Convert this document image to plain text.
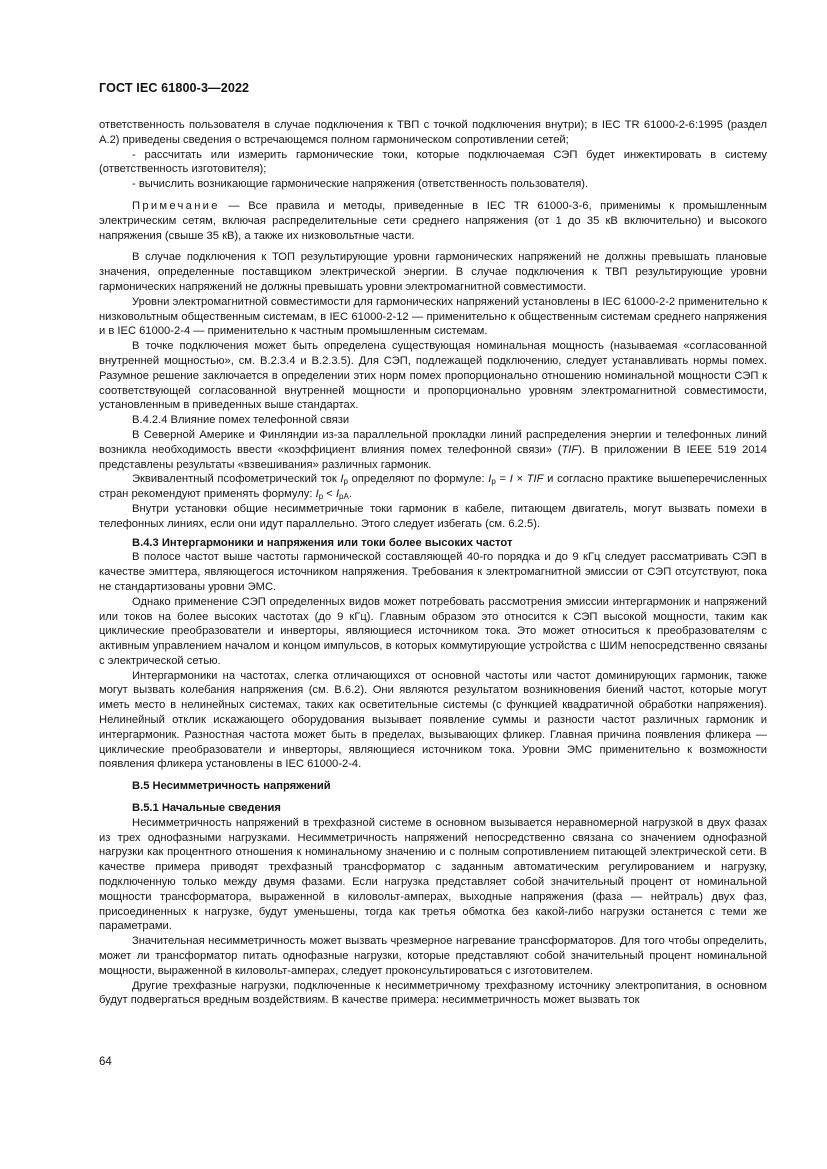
ГОСТ IEC 61800-3—2022

ответственность пользователя в случае подключения к ТВП с точкой подключения внутри); в IEC TR 61000-2-6:1995 (раздел A.2) приведены сведения о встречающемся полном гармоническом сопротивлении сетей;

- рассчитать или измерить гармонические токи, которые подключаемая СЭП будет инжектировать в систему (ответственность изготовителя);

- вычислить возникающие гармонические напряжения (ответственность пользователя).

Примечание — Все правила и методы, приведенные в IEC TR 61000-3-6, применимы к промышленным электрическим сетям, включая распределительные сети среднего напряжения (от 1 до 35 кВ включительно) и высокого напряжения (свыше 35 кВ), а также их низковольтные части.

В случае подключения к ТОП результирующие уровни гармонических напряжений не должны превышать плановые значения, определенные поставщиком электрической энергии. В случае подключения к ТВП результирующие уровни гармонических напряжений не должны превышать уровни электромагнитной совместимости.

Уровни электромагнитной совместимости для гармонических напряжений установлены в IEC 61000-2-2 применительно к низковольтным общественным системам, в IEC 61000-2-12 — применительно к общественным системам среднего напряжения и в IEC 61000-2-4 — применительно к частным промышленным системам.

В точке подключения может быть определена существующая номинальная мощность (называемая «согласованной внутренней мощностью», см. B.2.3.4 и B.2.3.5). Для СЭП, подлежащей подключению, следует устанавливать нормы помех. Разумное решение заключается в определении этих норм помех пропорционально отношению номинальной мощности СЭП к соответствующей согласованной внутренней мощности и пропорционально уровням электромагнитной совместимости, установленным в приведенных выше стандартах.

B.4.2.4 Влияние помех телефонной связи

В Северной Америке и Финляндии из-за параллельной прокладки линий распределения энергии и телефонных линий возникла необходимость ввести «коэффициент влияния помех телефонной связи» (TIF). В приложении B IEEE 519 2014 представлены результаты «взвешивания» различных гармоник.

Эквивалентный псофометрический ток $I_p$ определяют по формуле: $I_p = I$ × TIF и согласно практике вышеперечисленных стран рекомендуют применять формулу: $I_p < I_{pA}$.

Внутри установки общие несимметричные токи гармоник в кабеле, питающем двигатель, могут вызвать помехи в телефонных линиях, если они идут параллельно. Этого следует избегать (см. 6.2.5).

B.4.3 Интергармоники и напряжения или токи более высоких частот

В полосе частот выше частоты гармонической составляющей 40-го порядка и до 9 кГц следует рассматривать СЭП в качестве эмиттера, являющегося источником напряжения. Требования к электромагнитной эмиссии от СЭП отсутствуют, пока не стандартизованы уровни ЭМС.

Однако применение СЭП определенных видов может потребовать рассмотрения эмиссии интергармоник и напряжений или токов на более высоких частотах (до 9 кГц). Главным образом это относится к СЭП высокой мощности, таким как циклические преобразователи и инверторы, являющиеся источником тока. Это может относиться к преобразователям с активным управлением началом и концом импульсов, в которых коммутирующие устройства с ШИМ непосредственно связаны с электрической сетью.

Интергармоники на частотах, слегка отличающихся от основной частоты или частот доминирующих гармоник, также могут вызвать колебания напряжения (см. B.6.2). Они являются результатом возникновения биений частот, которые могут иметь место в нелинейных системах, таких как осветительные системы (с функцией квадратичной обработки напряжения). Нелинейный отклик искажающего оборудования вызывает появление суммы и разности частот различных гармоник и интергармоник. Разностная частота может быть в пределах, вызывающих фликер. Главная причина появления фликера — циклические преобразователи и инверторы, являющиеся источником тока. Уровни ЭМС применительно к возможности появления фликера установлены в IEC 61000-2-4.

B.5 Несимметричность напряжений

B.5.1 Начальные сведения

Несимметричность напряжений в трехфазной системе в основном вызывается неравномерной нагрузкой в двух фазах из трех однофазными нагрузками. Несимметричность напряжений непосредственно связана со значением однофазной нагрузки как процентного отношения к номинальному значению и с полным сопротивлением питающей электрической сети. В качестве примера приводят трехфазный трансформатор с заданным автоматическим регулированием и нагрузку, подключенную только между двумя фазами. Если нагрузка представляет собой значительный процент от номинальной мощности трансформатора, выраженной в киловольт-амперах, выходные напряжения (фаза — нейтраль) двух фаз, присоединенных к нагрузке, будут уменьшены, тогда как третья обмотка без какой-либо нагрузки останется с теми же параметрами.

Значительная несимметричность может вызвать чрезмерное нагревание трансформаторов. Для того чтобы определить, может ли трансформатор питать однофазные нагрузки, которые представляют собой значительный процент номинальной мощности, выраженной в киловольт-амперах, следует проконсультироваться с изготовителем.

Другие трехфазные нагрузки, подключенные к несимметричному трехфазному источнику электропитания, в основном будут подвергаться вредным воздействиям. В качестве примера: несимметричность может вызвать ток

64
